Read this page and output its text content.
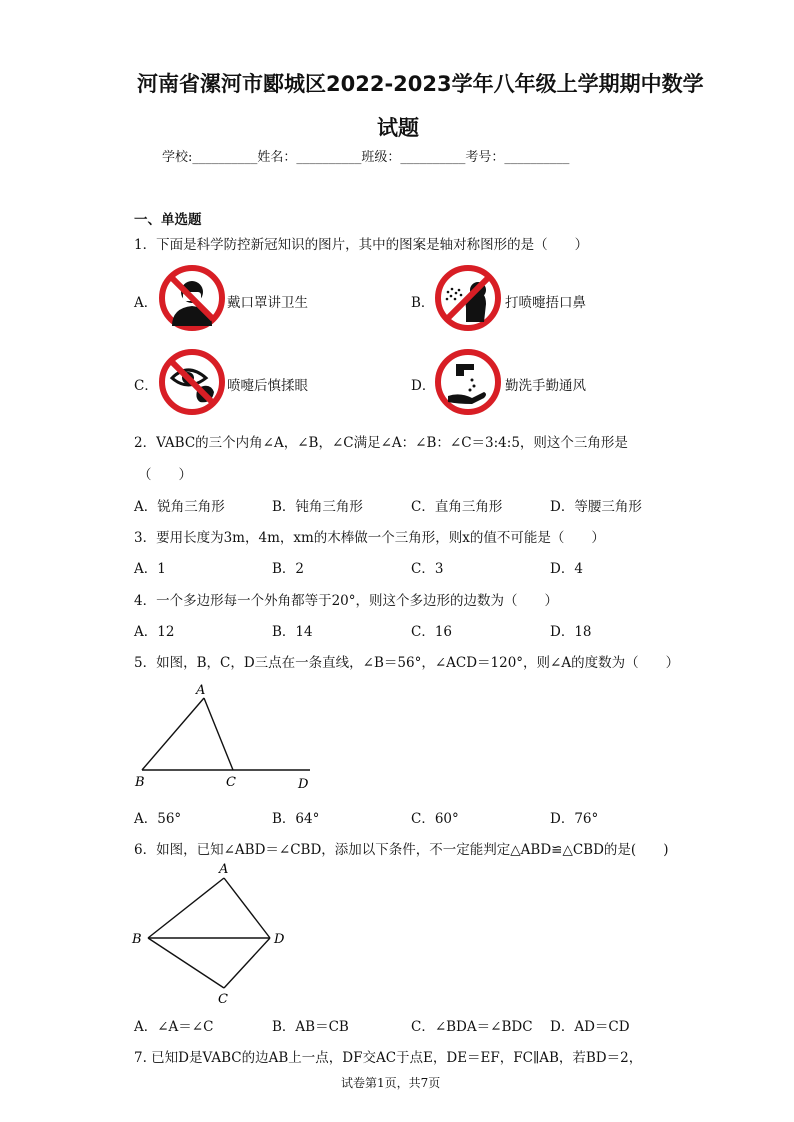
河南省漯河市郾城区2022-2023学年八年级上学期期中数学
试题
学校:__________姓名：__________班级：__________考号：__________
一、单选题
1．下面是科学防控新冠知识的图片，其中的图案是轴对称图形的是（　　）
A．	戴口罩讲卫生	B．	打喷嚏捂口鼻
C．	喷嚏后慎揉眼	D．	勤洗手勤通风
2．VABC的三个内角∠A，∠B，∠C满足∠A：∠B：∠C＝3:4:5，则这个三角形是
（　　）
A．锐角三角形	B．钝角三角形	C．直角三角形	D．等腰三角形
3．要用长度为3m，4m，xm的木棒做一个三角形，则x的值不可能是（　　）
A．1	B．2	C．3	D．4
4．一个多边形每一个外角都等于20°，则这个多边形的边数为（　　）
A．12	B．14	C．16	D．18
5．如图，B，C，D三点在一条直线，∠B＝56°，∠ACD＝120°，则∠A的度数为（　　）
A
B	C	D
A．56°	B．64°	C．60°	D．76°
6．如图，已知∠ABD＝∠CBD，添加以下条件，不一定能判定△ABD≌△CBD的是(　　)
A
B
C
D
A．∠A＝∠C	B．AB＝CB	C．∠BDA＝∠BDC D．AD＝CD
7. 已知D是VABC的边AB上一点，DF交AC于点E，DE＝EF，FC∥AB，若BD＝2，
试卷第1页，共7页
